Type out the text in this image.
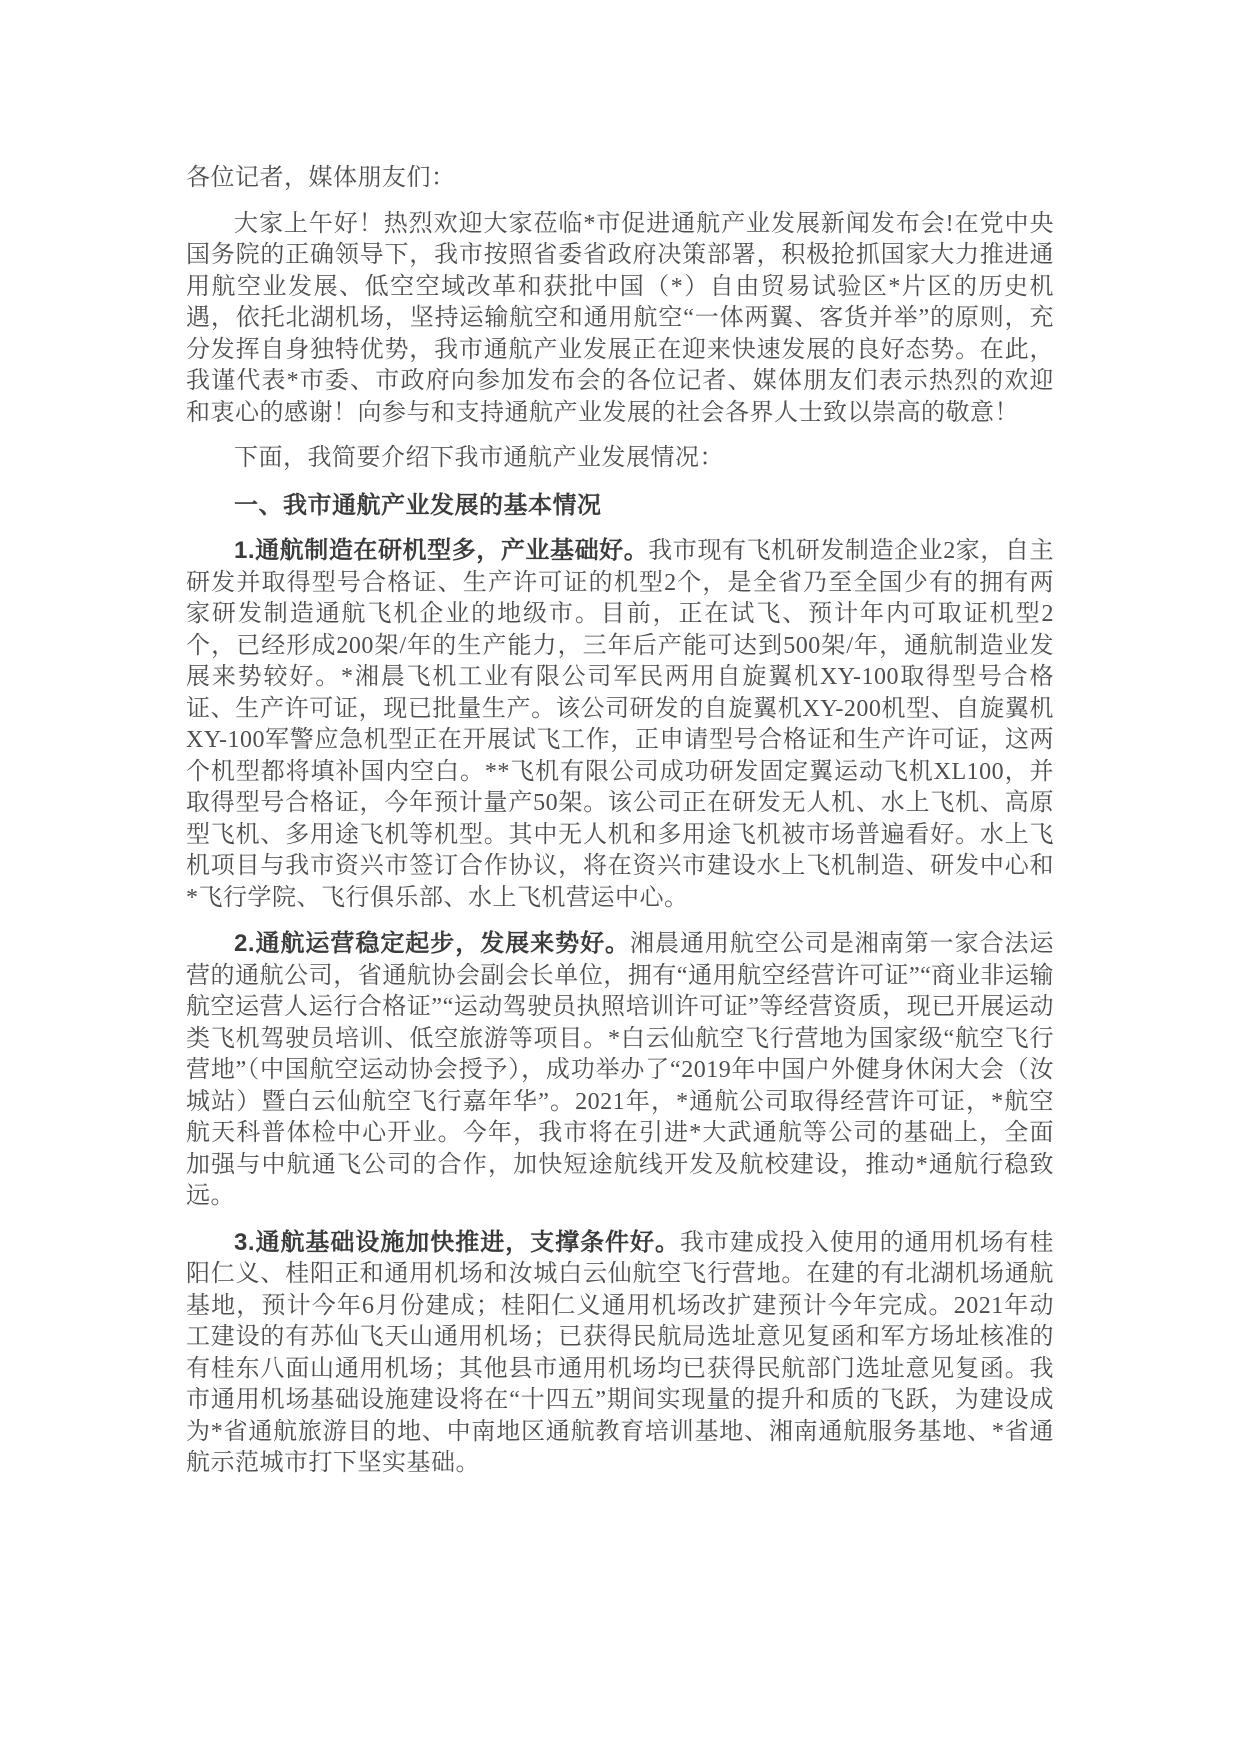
各位记者，媒体朋友们：

大家上午好！热烈欢迎大家莅临*市促进通航产业发展新闻发布会!在党中央国务院的正确领导下，我市按照省委省政府决策部署，积极抢抓国家大力推进通用航空业发展、低空空域改革和获批中国（*）自由贸易试验区*片区的历史机遇，依托北湖机场，坚持运输航空和通用航空“一体两翼、客货并举”的原则，充分发挥自身独特优势，我市通航产业发展正在迎来快速发展的良好态势。在此，我谨代表*市委、市政府向参加发布会的各位记者、媒体朋友们表示热烈的欢迎和衷心的感谢！向参与和支持通航产业发展的社会各界人士致以崇高的敬意！

下面，我简要介绍下我市通航产业发展情况：

一、我市通航产业发展的基本情况

1.通航制造在研机型多，产业基础好。我市现有飞机研发制造企业2家，自主研发并取得型号合格证、生产许可证的机型2个，是全省乃至全国少有的拥有两家研发制造通航飞机企业的地级市。目前，正在试飞、预计年内可取证机型2个，已经形成200架/年的生产能力，三年后产能可达到500架/年，通航制造业发展来势较好。*湘晨飞机工业有限公司军民两用自旋翼机XY-100取得型号合格证、生产许可证，现已批量生产。该公司研发的自旋翼机XY-200机型、自旋翼机XY-100军警应急机型正在开展试飞工作，正申请型号合格证和生产许可证，这两个机型都将填补国内空白。**飞机有限公司成功研发固定翼运动飞机XL100，并取得型号合格证，今年预计量产50架。该公司正在研发无人机、水上飞机、高原型飞机、多用途飞机等机型。其中无人机和多用途飞机被市场普遍看好。水上飞机项目与我市资兴市签订合作协议，将在资兴市建设水上飞机制造、研发中心和*飞行学院、飞行俱乐部、水上飞机营运中心。

2.通航运营稳定起步，发展来势好。湘晨通用航空公司是湘南第一家合法运营的通航公司，省通航协会副会长单位，拥有“通用航空经营许可证”“商业非运输航空运营人运行合格证”“运动驾驶员执照培训许可证”等经营资质，现已开展运动类飞机驾驶员培训、低空旅游等项目。*白云仙航空飞行营地为国家级“航空飞行营地”（中国航空运动协会授予），成功举办了“2019年中国户外健身休闲大会（汝城站）暨白云仙航空飞行嘉年华”。2021年，*通航公司取得经营许可证，*航空航天科普体检中心开业。今年，我市将在引进*大武通航等公司的基础上，全面加强与中航通飞公司的合作，加快短途航线开发及航校建设，推动*通航行稳致远。

3.通航基础设施加快推进，支撑条件好。我市建成投入使用的通用机场有桂阳仁义、桂阳正和通用机场和汝城白云仙航空飞行营地。在建的有北湖机场通航基地，预计今年6月份建成；桂阳仁义通用机场改扩建预计今年完成。2021年动工建设的有苏仙飞天山通用机场；已获得民航局选址意见复函和军方场址核准的有桂东八面山通用机场；其他县市通用机场均已获得民航部门选址意见复函。我市通用机场基础设施建设将在“十四五”期间实现量的提升和质的飞跃，为建设成为*省通航旅游目的地、中南地区通航教育培训基地、湘南通航服务基地、*省通航示范城市打下坚实基础。
